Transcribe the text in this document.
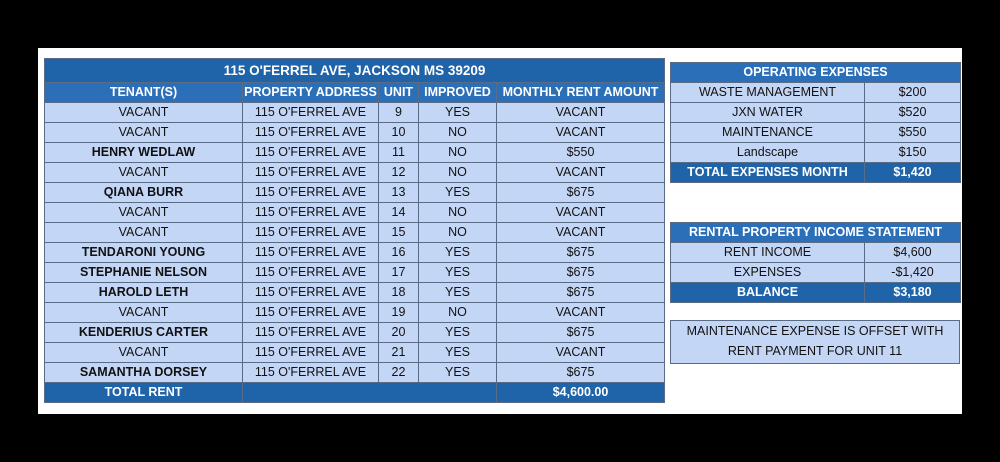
115 O'FERREL AVE, JACKSON MS 39209				
TENANT(S)	PROPERTY ADDRESS	UNIT	IMPROVED	MONTHLY RENT AMOUNT
VACANT	115 O'FERREL AVE	9	YES	VACANT
VACANT	115 O'FERREL AVE	10	NO	VACANT
HENRY WEDLAW	115 O'FERREL AVE	11	NO	$550
VACANT	115 O'FERREL AVE	12	NO	VACANT
QIANA BURR	115 O'FERREL AVE	13	YES	$675
VACANT	115 O'FERREL AVE	14	NO	VACANT
VACANT	115 O'FERREL AVE	15	NO	VACANT
TENDARONI YOUNG	115 O'FERREL AVE	16	YES	$675
STEPHANIE NELSON	115 O'FERREL AVE	17	YES	$675
HAROLD LETH	115 O'FERREL AVE	18	YES	$675
VACANT	115 O'FERREL AVE	19	NO	VACANT
KENDERIUS CARTER	115 O'FERREL AVE	20	YES	$675
VACANT	115 O'FERREL AVE	21	YES	VACANT
SAMANTHA DORSEY	115 O'FERREL AVE	22	YES	$675
TOTAL RENT				$4,600.00
OPERATING EXPENSES	
WASTE MANAGEMENT	$200
JXN WATER	$520
MAINTENANCE	$550
Landscape	$150
TOTAL EXPENSES MONTH	$1,420
RENTAL PROPERTY INCOME STATEMENT	
RENT INCOME	$4,600
EXPENSES	-$1,420
BALANCE	$3,180
MAINTENANCE EXPENSE IS OFFSET WITH
RENT PAYMENT FOR UNIT 11
